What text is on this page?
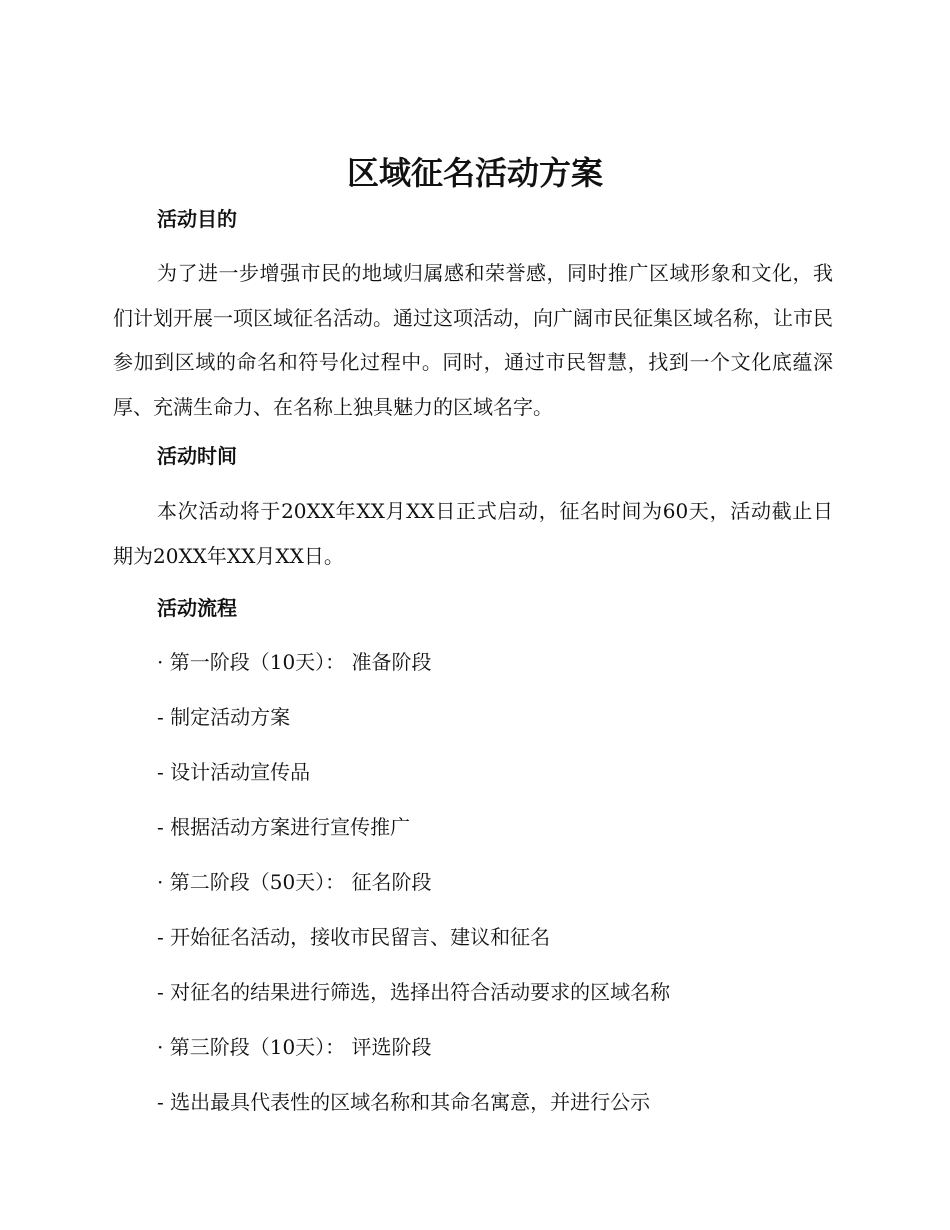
区域征名活动方案
活动目的

为了进一步增强市民的地域归属感和荣誉感，同时推广区域形象和文化，我们计划开展一项区域征名活动。通过这项活动，向广阔市民征集区域名称，让市民参加到区域的命名和符号化过程中。同时，通过市民智慧，找到一个文化底蕴深厚、充满生命力、在名称上独具魅力的区域名字。

活动时间

本次活动将于20XX年XX月XX日正式启动，征名时间为60天，活动截止日期为20XX年XX月XX日。

活动流程

· 第一阶段（10天）： 准备阶段

- 制定活动方案

- 设计活动宣传品

- 根据活动方案进行宣传推广

· 第二阶段（50天）： 征名阶段

- 开始征名活动，接收市民留言、建议和征名

- 对征名的结果进行筛选，选择出符合活动要求的区域名称

· 第三阶段（10天）： 评选阶段

- 选出最具代表性的区域名称和其命名寓意，并进行公示
